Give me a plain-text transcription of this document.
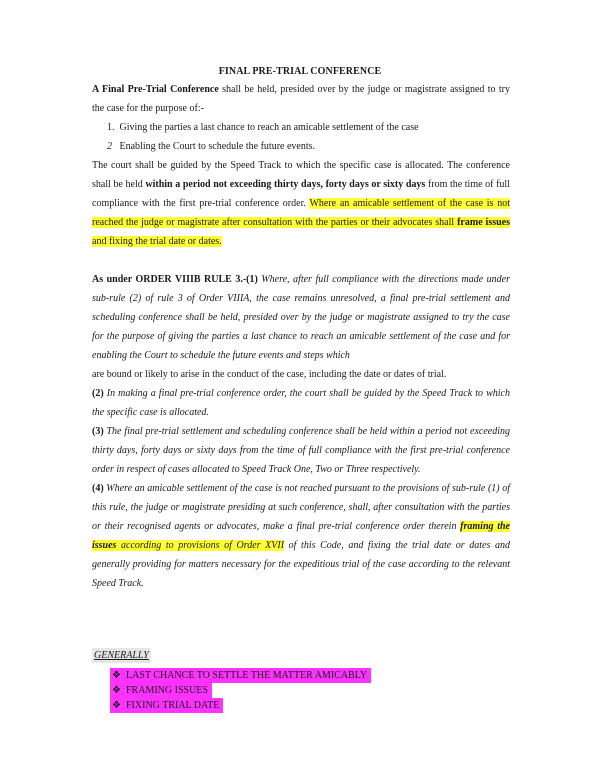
FINAL PRE-TRIAL CONFERENCE
A Final Pre-Trial Conference shall be held, presided over by the judge or magistrate assigned to try the case for the purpose of:-
1. Giving the parties a last chance to reach an amicable settlement of the case
2 Enabling the Court to schedule the future events.
The court shall be guided by the Speed Track to which the specific case is allocated. The conference shall be held within a period not exceeding thirty days, forty days or sixty days from the time of full compliance with the first pre-trial conference order. Where an amicable settlement of the case is not reached the judge or magistrate after consultation with the parties or their advocates shall frame issues and fixing the trial date or dates.
As under ORDER VIIIB RULE 3.-(1) Where, after full compliance with the directions made under sub-rule (2) of rule 3 of Order VIIIA, the case remains unresolved, a final pre-trial settlement and scheduling conference shall be held, presided over by the judge or magistrate assigned to try the case for the purpose of giving the parties a last chance to reach an amicable settlement of the case and for enabling the Court to schedule the future events and steps which
are bound or likely to arise in the conduct of the case, including the date or dates of trial.
(2) In making a final pre-trial conference order, the court shall be guided by the Speed Track to which the specific case is allocated.
(3) The final pre-trial settlement and scheduling conference shall be held within a period not exceeding thirty days, forty days or sixty days from the time of full compliance with the first pre-trial conference order in respect of cases allocated to Speed Track One, Two or Three respectively.
(4) Where an amicable settlement of the case is not reached pursuant to the provisions of sub-rule (1) of this rule, the judge or magistrate presiding at such conference, shall, after consultation with the parties or their recognised agents or advocates, make a final pre-trial conference order therein framing the issues according to provisions of Order XVII of this Code, and fixing the trial date or dates and generally providing for matters necessary for the expeditious trial of the case according to the relevant Speed Track.
GENERALLY
❖ LAST CHANCE TO SETTLE THE MATTER AMICABLY
❖ FRAMING ISSUES
❖ FIXING TRIAL DATE
